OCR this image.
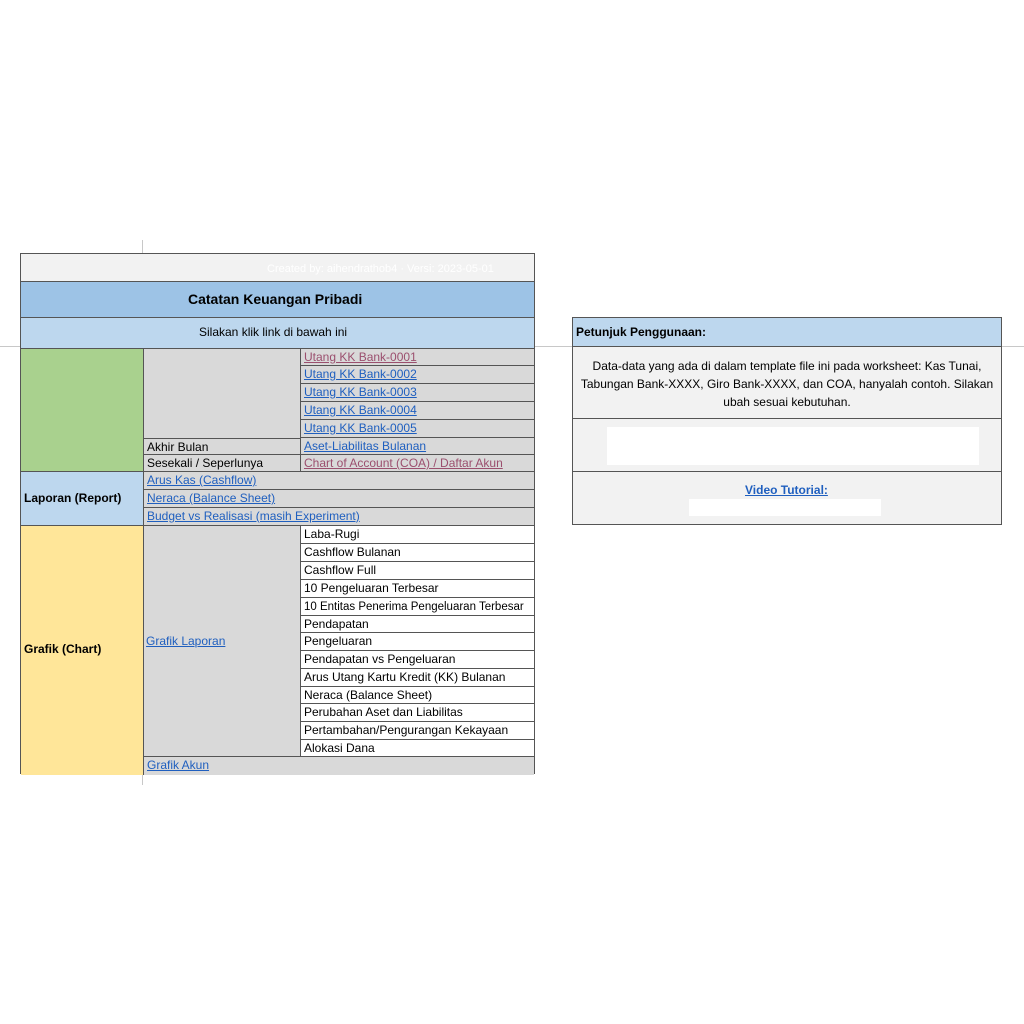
Created by: aihendrathob4 · Versi: 2023-05-01
Catatan Keuangan Pribadi
Silakan klik link di bawah ini
Utang KK Bank-0001
Utang KK Bank-0002
Utang KK Bank-0003
Utang KK Bank-0004
Utang KK Bank-0005
Akhir Bulan	Aset-Liabilitas Bulanan
Sesekali / Seperlunya	Chart of Account (COA) / Daftar Akun
Laporan (Report)
Arus Kas (Cashflow)
Neraca (Balance Sheet)
Budget vs Realisasi (masih Experiment)
Grafik (Chart)
Grafik Laporan
Laba-Rugi
Cashflow Bulanan
Cashflow Full
10 Pengeluaran Terbesar
10 Entitas Penerima Pengeluaran Terbesar
Pendapatan
Pengeluaran
Pendapatan vs Pengeluaran
Arus Utang Kartu Kredit (KK) Bulanan
Neraca (Balance Sheet)
Perubahan Aset dan Liabilitas
Pertambahan/Pengurangan Kekayaan
Alokasi Dana
Grafik Akun
Petunjuk Penggunaan:
Data-data yang ada di dalam template file ini pada worksheet: Kas Tunai, Tabungan Bank-XXXX, Giro Bank-XXXX, dan COA, hanyalah contoh. Silakan ubah sesuai kebutuhan.
Video Tutorial:
